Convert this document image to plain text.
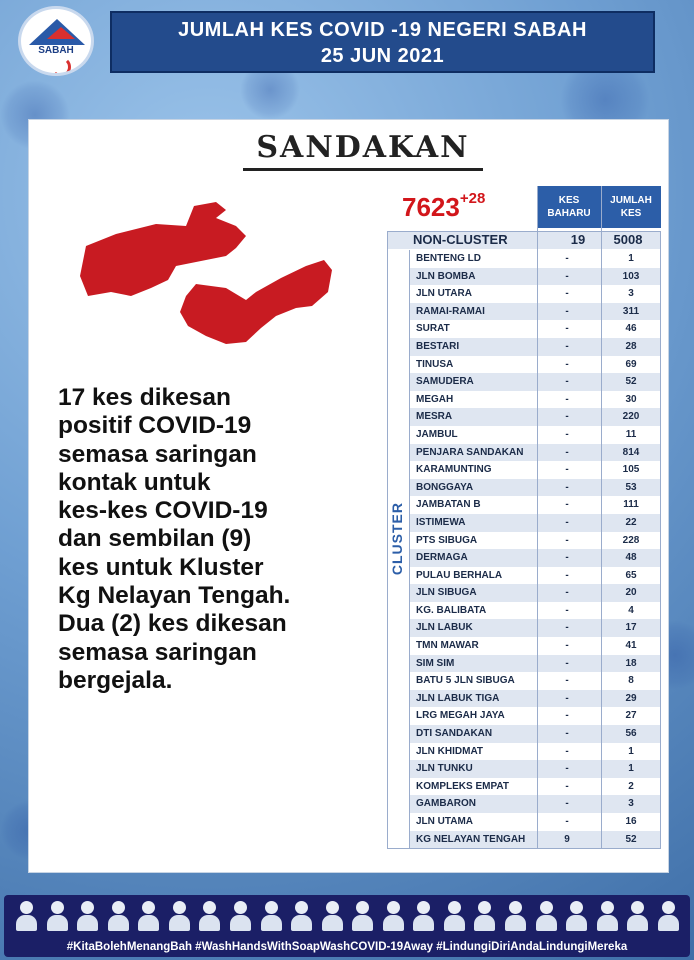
SABAH
JUMLAH KES COVID -19 NEGERI SABAH
25 JUN 2021
SANDAKAN
$7623^{+28}$	KES BAHARU
JUMLAH KES
NON-CLUSTER	19	5008
CLUSTER
BENTENG LD	-	1
JLN BOMBA	-	103
JLN UTARA	-	3
RAMAI-RAMAI	-	311
SURAT	-	46
BESTARI	-	28
TINUSA	-	69
SAMUDERA	-	52
MEGAH	-	30
MESRA	-	220
JAMBUL	-	11
PENJARA SANDAKAN	-	814
KARAMUNTING	-	105
BONGGAYA	-	53
JAMBATAN B	-	111
ISTIMEWA	-	22
PTS SIBUGA	-	228
DERMAGA	-	48
PULAU BERHALA	-	65
JLN SIBUGA	-	20
KG. BALIBATA	-	4
JLN LABUK	-	17
TMN MAWAR	-	41
SIM SIM	-	18
BATU 5 JLN SIBUGA	-	8
JLN LABUK TIGA	-	29
LRG MEGAH JAYA	-	27
DTI SANDAKAN	-	56
JLN KHIDMAT	-	1
JLN TUNKU	-	1
KOMPLEKS EMPAT	-	2
GAMBARON	-	3
JLN UTAMA	-	16
KG NELAYAN TENGAH	9	52
17 kes dikesan
positif COVID-19
semasa saringan
kontak untuk
kes-kes COVID-19
dan sembilan (9)
kes untuk Kluster
Kg Nelayan Tengah.
Dua (2) kes dikesan
semasa saringan
bergejala.
#KitaBolehMenangBah #WashHandsWithSoapWashCOVID-19Away #LindungiDiriAndaLindungiMereka
